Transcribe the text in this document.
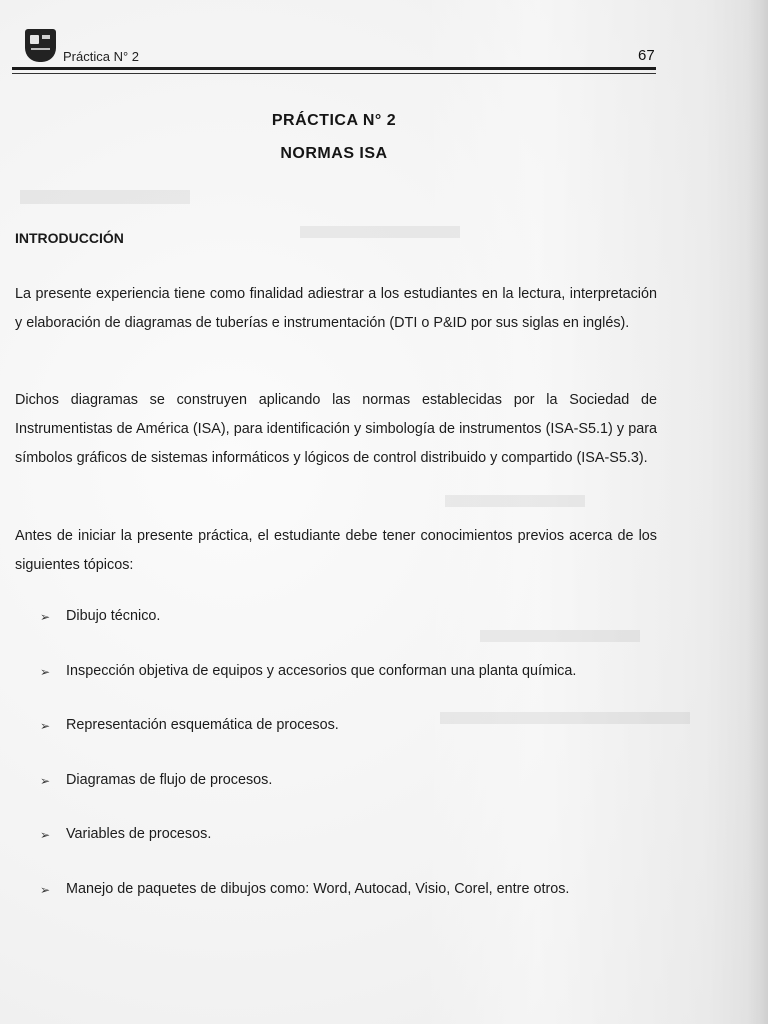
Práctica N° 2	67
PRÁCTICA N° 2
NORMAS ISA
INTRODUCCIÓN
La presente experiencia tiene como finalidad adiestrar a los estudiantes en la lectura, interpretación y elaboración de diagramas de tuberías e instrumentación (DTI o P&ID por sus siglas en inglés).
Dichos diagramas se construyen aplicando las normas establecidas por la Sociedad de Instrumentistas de América (ISA), para identificación y simbología de instrumentos (ISA-S5.1) y para símbolos gráficos de sistemas informáticos y lógicos de control distribuido y compartido (ISA-S5.3).
Antes de iniciar la presente práctica, el estudiante debe tener conocimientos previos acerca de los siguientes tópicos:
➢ Dibujo técnico.
➢ Inspección objetiva de equipos y accesorios que conforman una planta química.
➢ Representación esquemática de procesos.
➢ Diagramas de flujo de procesos.
➢ Variables de procesos.
➢ Manejo de paquetes de dibujos como: Word, Autocad, Visio, Corel, entre otros.
